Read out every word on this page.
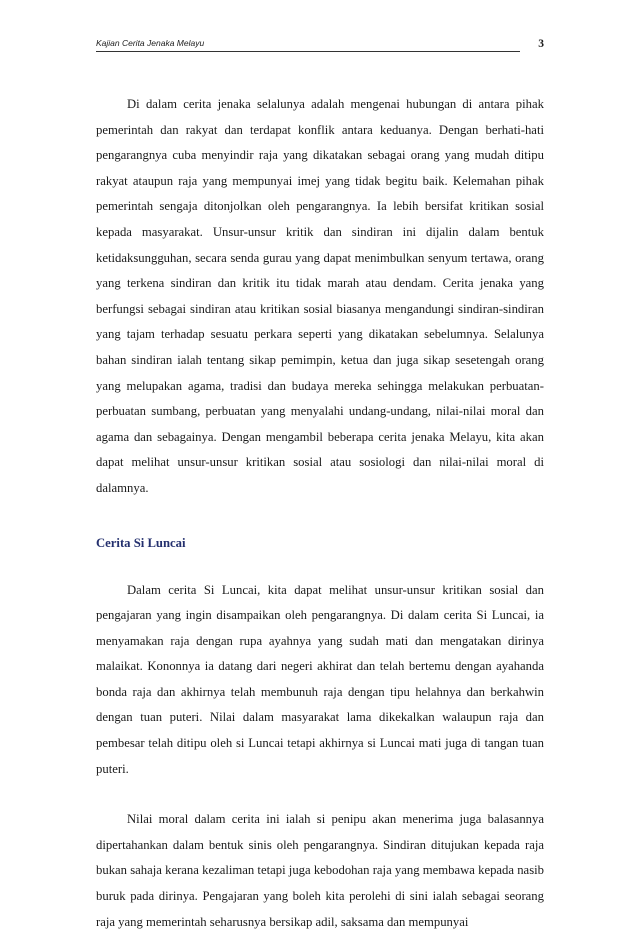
Kajian Cerita Jenaka Melayu	3

Di dalam cerita jenaka selalunya adalah mengenai hubungan di antara pihak pemerintah dan rakyat dan terdapat konflik antara keduanya. Dengan berhati-hati pengarangnya cuba menyindir raja yang dikatakan sebagai orang yang mudah ditipu rakyat ataupun raja yang mempunyai imej yang tidak begitu baik. Kelemahan pihak pemerintah sengaja ditonjolkan oleh pengarangnya. Ia lebih bersifat kritikan sosial kepada masyarakat. Unsur-unsur kritik dan sindiran ini dijalin dalam bentuk ketidaksungguhan, secara senda gurau yang dapat menimbulkan senyum tertawa, orang yang terkena sindiran dan kritik itu tidak marah atau dendam. Cerita jenaka yang berfungsi sebagai sindiran atau kritikan sosial biasanya mengandungi sindiran-sindiran yang tajam terhadap sesuatu perkara seperti yang dikatakan sebelumnya. Selalunya bahan sindiran ialah tentang sikap pemimpin, ketua dan juga sikap sesetengah orang yang melupakan agama, tradisi dan budaya mereka sehingga melakukan perbuatan-perbuatan sumbang, perbuatan yang menyalahi undang-undang, nilai-nilai moral dan agama dan sebagainya. Dengan mengambil beberapa cerita jenaka Melayu, kita akan dapat melihat unsur-unsur kritikan sosial atau sosiologi dan nilai-nilai moral di dalamnya.

Cerita Si Luncai

Dalam cerita Si Luncai, kita dapat melihat unsur-unsur kritikan sosial dan pengajaran yang ingin disampaikan oleh pengarangnya. Di dalam cerita Si Luncai, ia menyamakan raja dengan rupa ayahnya yang sudah mati dan mengatakan dirinya malaikat. Kononnya ia datang dari negeri akhirat dan telah bertemu dengan ayahanda bonda raja dan akhirnya telah membunuh raja dengan tipu helahnya dan berkahwin dengan tuan puteri. Nilai dalam masyarakat lama dikekalkan walaupun raja dan pembesar telah ditipu oleh si Luncai tetapi akhirnya si Luncai mati juga di tangan tuan puteri.

Nilai moral dalam cerita ini ialah si penipu akan menerima juga balasannya dipertahankan dalam bentuk sinis oleh pengarangnya. Sindiran ditujukan kepada raja bukan sahaja kerana kezaliman tetapi juga kebodohan raja yang membawa kepada nasib buruk pada dirinya. Pengajaran yang boleh kita perolehi di sini ialah sebagai seorang raja yang memerintah seharusnya bersikap adil, saksama dan mempunyai
